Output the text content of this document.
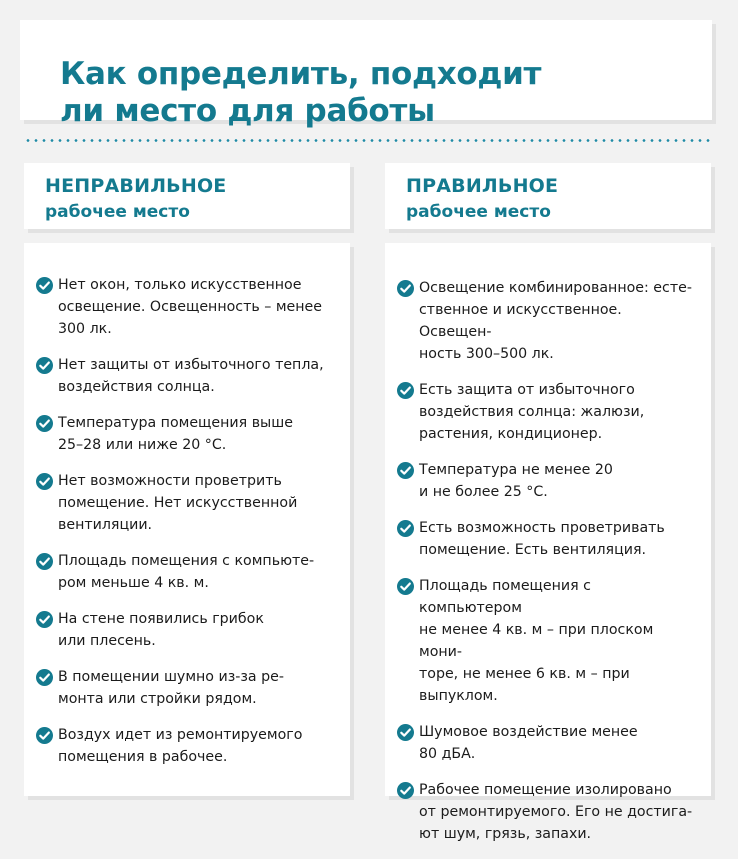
Как определить, подходит
ли место для работы
НЕПРАВИЛЬНОЕ
рабочее место
ПРАВИЛЬНОЕ
рабочее место
Нет окон, только искусственное
освещение. Освещенность – менее
300 лк.
Нет защиты от избыточного тепла,
воздействия солнца.
Температура помещения выше
25–28 или ниже 20 °С.
Нет возможности проветрить
помещение. Нет искусственной
вентиляции.
Площадь помещения с компьюте-
ром меньше 4 кв. м.
На стене появились грибок
или плесень.
В помещении шумно из-за ре-
монта или стройки рядом.
Воздух идет из ремонтируемого
помещения в рабочее.
Освещение комбинированное: есте-
ственное и искусственное. Освещен-
ность 300–500 лк.
Есть защита от избыточного
воздействия солнца: жалюзи,
растения, кондиционер.
Температура не менее 20
и не более 25 °С.
Есть возможность проветривать
помещение. Есть вентиляция.
Площадь помещения с компьютером
не менее 4 кв. м – при плоском мони-
торе, не менее 6 кв. м – при выпуклом.
Шумовое воздействие менее
80 дБА.
Рабочее помещение изолировано
от ремонтируемого. Его не достига-
ют шум, грязь, запахи.
